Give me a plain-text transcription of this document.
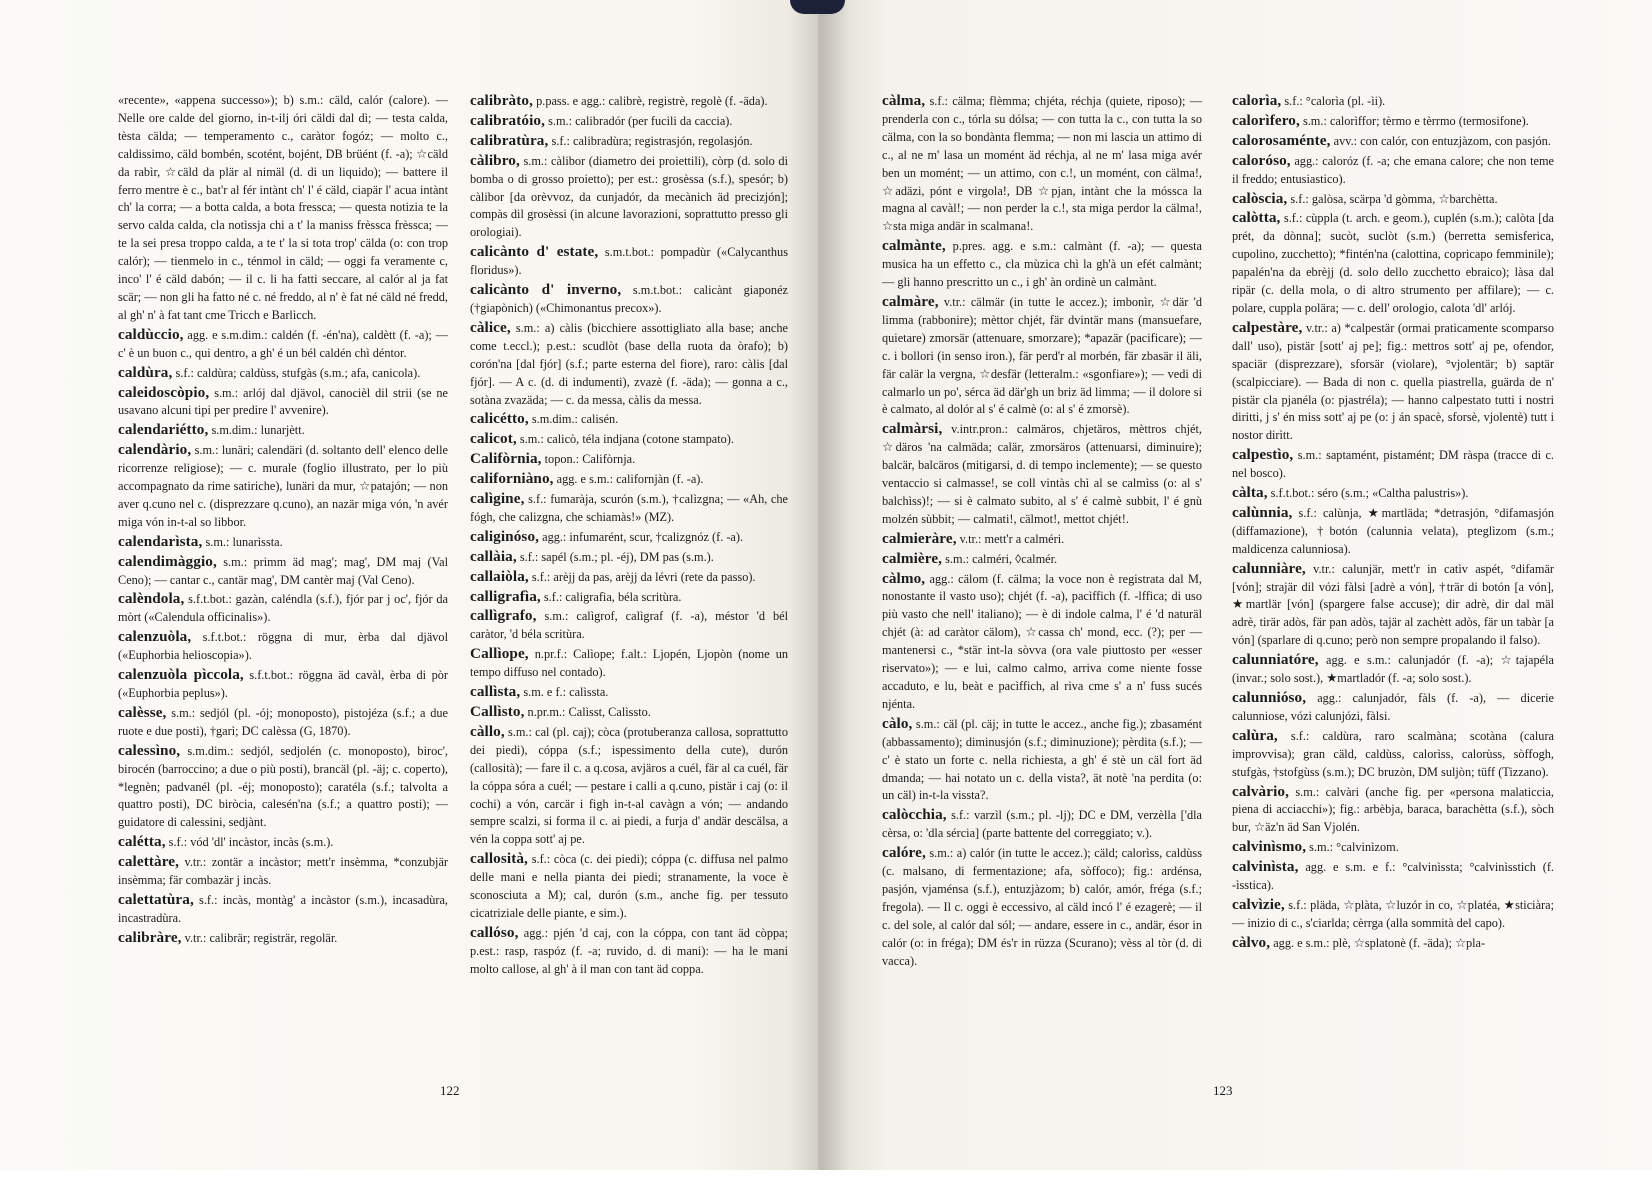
«recente», «appena successo»); b) s.m.: cäld, calór (calore). — Nelle ore calde del giorno, in-t-ilj óri cäldi dal dì; — testa calda, tèsta cälda; — temperamento c., caràtor fogóz; — molto c., caldissimo, cäld bombén, scotént, bojént, DB brüént (f. -a); ☆cäld da rabìr, ☆cäld da plär al nimäl (d. di un liquido); — battere il ferro mentre è c., bat'r al fér intànt ch' l' é cäld, ciapär l' acua intànt ch' la corra; — a botta calda, a bota fressca; — questa notizia te la servo calda calda, cla notìssja chi a t' la maniss frèssca frèssca; — te la sei presa troppo calda, a te t' la si tota trop' cälda (o: con trop calór); — tienmelo in c., ténmol in cäld; — oggi fa veramente c, inco' l' é cäld dabón; — il c. li ha fatti seccare, al calór al ja fat scär; — non gli ha fatto né c. né freddo, al n' è fat né cäld né fredd, al gh' n' à fat tant cme Tricch e Barlìcch.
caldùccio, agg. e s.m.dim.: caldén (f. -én'na), caldètt (f. -a); — c' è un buon c., qui dentro, a gh' é un bél caldén chì déntor.
caldùra, s.f.: caldùra; caldùss, stufgàs (s.m.; afa, canicola).
caleidoscòpio, s.m.: arlój dal djävol, canocièl dil strii (se ne usavano alcuni tipi per predire l' avvenire).
calendariétto, s.m.dim.: lunarjètt.
calendàrio, s.m.: lunäri; calendäri (d. soltanto dell' elenco delle ricorrenze religiose); — c. murale (foglio illustrato, per lo più accompagnato da rime satiriche), lunäri da mur, ☆patajón; — non aver q.cuno nel c. (disprezzare q.cuno), an nazär miga vón, 'n avér miga vón in-t-al so libbor.
calendarìsta, s.m.: lunarìssta.
calendimàggio, s.m.: primm äd mag'; mag', DM maj (Val Ceno); — cantar c., cantär mag', DM cantèr maj (Val Ceno).
calèndola, s.f.t.bot.: gazàn, caléndla (s.f.), fjór par j oc', fjór da mòrt («Calendula officinalis»).
calenzuòla, s.f.t.bot.: röggna di mur, èrba dal djävol («Euphorbia helioscopia»).
calenzuòla pìccola, s.f.t.bot.: röggna äd cavàl, èrba di pòr («Euphorbia peplus»).
calèsse, s.m.: sedjól (pl. -ój; monoposto), pistojéza (s.f.; a due ruote e due posti), †garì; DC calèssa (G, 1870).
calessìno, s.m.dim.: sedjól, sedjolén (c. monoposto), biroc', birocén (barroccino; a due o più posti), brancäl (pl. -äj; c. coperto), *legnèn; padvanél (pl. -éj; monoposto); caratéla (s.f.; talvolta a quattro posti), DC biròcia, calesén'na (s.f.; a quattro posti); — guidatore di calessini, sedjànt.
calétta, s.f.: vód 'dl' incàstor, incàs (s.m.).
calettàre, v.tr.: zontär a incàstor; mett'r insèmma, *conzubjär insèmma; fär combazär j incàs.
calettatùra, s.f.: incàs, montàg' a incàstor (s.m.), incasadùra, incastradùra.
calibràre, v.tr.: calibrär; registrär, regolär.
calibràto, p.pass. e agg.: calibrè, registrè, regolè (f. -äda).
calibratóio, s.m.: calibradór (per fucili da caccia).
calibratùra, s.f.: calibradùra; registrasjón, regolasjón.
càlibro, s.m.: càlibor (diametro dei proiettili), còrp (d. solo di bomba o di grosso proietto); per est.: grosèssa (s.f.), spesór; b) càlibor [da orèvvoz, da cunjadór, da mecànich äd precizjón]; compàs dil grosèssi (in alcune lavorazioni, soprattutto presso gli orologiai).
calicànto d' estate, s.m.t.bot.: pompadùr («Calycanthus floridus»).
calicànto d' inverno, s.m.t.bot.: calicànt giaponéz (†giapònich) («Chimonantus precox»).
càlice, s.m.: a) càlis (bicchiere assottigliato alla base; anche come t.eccl.); p.est.: scudlòt (base della ruota da òrafo); b) corón'na [dal fjór] (s.f.; parte esterna del fiore), raro: càlis [dal fjór]. — A c. (d. di indumenti), zvazè (f. -äda); — gonna a c., sotàna zvazäda; — c. da messa, càlis da messa.
calicétto, s.m.dim.: calisén.
calicot, s.m.: calicò, téla indjana (cotone stampato).
Califòrnia, topon.: Califòrnja.
californiàno, agg. e s.m.: californjàn (f. -a).
calìgine, s.f.: fumaràja, scurón (s.m.), †calìzgna; — «Ah, che fógh, che calizgna, che schiamàs!» (MZ).
caliginóso, agg.: infumarént, scur, †calizgnóz (f. -a).
callàia, s.f.: sapél (s.m.; pl. -éj), DM pas (s.m.).
callaiòla, s.f.: arèjj da pas, arèjj da lévri (rete da passo).
calligrafìa, s.f.: caligrafìa, béla scritùra.
callìgrafo, s.m.: calìgrof, calìgraf (f. -a), méstor 'd bél caràtor, 'd béla scritùra.
Callìope, n.pr.f.: Calìope; f.alt.: Ljopén, Ljopòn (nome un tempo diffuso nel contado).
callìsta, s.m. e f.: calìssta.
Callìsto, n.pr.m.: Calìsst, Calìssto.
càllo, s.m.: cal (pl. caj); còca (protuberanza callosa, soprattutto dei piedi), cóppa (s.f.; ispessimento della cute), durón (callosità); — fare il c. a q.cosa, avjäros a cuél, fär al ca cuél, fär la cóppa sóra a cuél; — pestare i calli a q.cuno, pistär i caj (o: il cochi) a vón, carcär i figh in-t-al cavàgn a vón; — andando sempre scalzi, si forma il c. ai piedi, a furja d' andär descälsa, a vén la coppa sott' aj pe.
callosità, s.f.: còca (c. dei piedi); cóppa (c. diffusa nel palmo delle mani e nella pianta dei piedi; stranamente, la voce è sconosciuta a M); cal, durón (s.m., anche fig. per tessuto cicatriziale delle piante, e sim.).
callóso, agg.: pjén 'd caj, con la cóppa, con tant äd còppa; p.est.: rasp, raspóz (f. -a; ruvido, d. di mani): — ha le mani molto callose, al gh' à il man con tant äd coppa.
càlma, s.f.: cälma; flèmma; chjéta, réchja (quiete, riposo); — prenderla con c., tórla su dólsa; — con tutta la c., con tutta la so cälma, con la so bondànta flemma; — non mi lascia un attimo di c., al ne m' lasa un momént äd réchja, al ne m' lasa miga avér ben un momént; — un attimo, con c.!, un momént, con cälma!, ☆adäzi, pónt e virgola!, DB ☆pjan, intànt che la móssca la magna al cavàl!; — non perder la c.!, sta miga perdor la cälma!, ☆sta miga andär in scalmana!.
calmànte, p.pres. agg. e s.m.: calmànt (f. -a); — questa musica ha un effetto c., cla mùzica chì la gh'à un efét calmànt; — gli hanno prescritto un c., i gh' àn ordinè un calmànt.
calmàre, v.tr.: cälmär (in tutte le accez.); imbonìr, ☆där 'd limma (rabbonire); mèttor chjét, fär dvintär mans (mansuefare, quietare) zmorsär (attenuare, smorzare); *apazär (pacificare); — c. i bollori (in senso iron.), fär perd'r al morbén, fär zbasär il äli, fär calär la vergna, ☆desfär (letteralm.: «sgonfiare»); — vedi di calmarlo un po', sérca äd där'gh un briz äd limma; — il dolore si è calmato, al dolór al s' é calmè (o: al s' é zmorsè).
calmàrsi, v.intr.pron.: calmäros, chjetäros, mèttros chjét, ☆däros 'na calmäda; calär, zmorsäros (attenuarsi, diminuire); balcär, balcäros (mitigarsi, d. di tempo inclemente); — se questo ventaccio si calmasse!, se coll vintàs chì al se calmìss (o: al s' balchìss)!; — si è calmato subito, al s' é calmè subbit, l' é gnù molzén sùbbit; — calmati!, cälmot!, mettot chjét!.
calmieràre, v.tr.: mett'r a calméri.
calmière, s.m.: calméri, ◊calmér.
càlmo, agg.: cälom (f. cälma; la voce non è registrata dal M, nonostante il vasto uso); chjét (f. -a), pacìffich (f. -lffica; di uso più vasto che nell' italiano); — è di indole calma, l' é 'd naturäl chjét (à: ad caràtor cälom), ☆cassa ch' mond, ecc. (?); per — mantenersi c., *stär int-la sòvva (ora vale piuttosto per «esser riservato»); — e lui, calmo calmo, arriva come niente fosse accaduto, e lu, beàt e pacìffich, al riva cme s' a n' fuss sucés njénta.
càlo, s.m.: cäl (pl. cäj; in tutte le accez., anche fig.); zbasamént (abbassamento); diminusjón (s.f.; diminuzione); pèrdita (s.f.); — c' è stato un forte c. nella richiesta, a gh' é stè un cäl fort äd dmanda; — hai notato un c. della vista?, ät notè 'na perdita (o: un cäl) in-t-la vissta?.
calòcchia, s.f.: varzìl (s.m.; pl. -lj); DC e DM, verzèlla ['dla cèrsa, o: 'dla sércia] (parte battente del correggiato; v.).
calóre, s.m.: a) calór (in tutte le accez.); cäld; calorìss, caldùss (c. malsano, di fermentazione; afa, sòffoco); fig.: ardénsa, pasjón, vjaménsa (s.f.), entuzjàzom; b) calór, amór, fréga (s.f.; fregola). — Il c. oggi è eccessivo, al cäld incó l' é ezagerè; — il c. del sole, al calór dal sól; — andare, essere in c., andär, ésor in calór (o: in fréga); DM és'r in rüzza (Scurano); vèss al tòr (d. di vacca).
calorìa, s.f.: °calorìa (pl. -ìi).
calorìfero, s.m.: calorìffor; tèrmo e tèrrmo (termosifone).
calorosaménte, avv.: con calór, con entuzjàzom, con pasjón.
caloróso, agg.: caloróz (f. -a; che emana calore; che non teme il freddo; entusiastico).
calòscia, s.f.: galòsa, scärpa 'd gòmma, ☆barchètta.
calòtta, s.f.: cùppla (t. arch. e geom.), cuplén (s.m.); calòta [da prét, da dònna]; sucòt, suclòt (s.m.) (berretta semisferica, cupolino, zucchetto); *fintén'na (calottina, copricapo femminile); papalén'na da ebrèjj (d. solo dello zucchetto ebraico); làsa dal ripär (c. della mola, o di altro strumento per affilare); — c. polare, cuppla polära; — c. dell' orologio, calota 'dl' arlój.
calpestàre, v.tr.: a) *calpestär (ormai praticamente scomparso dall' uso), pistär [sott' aj pe]; fig.: mettros sott' aj pe, ofendor, spaciär (disprezzare), sforsär (violare), °vjolentär; b) saptär (scalpicciare). — Bada di non c. quella piastrella, guärda de n' pistär cla pjanéla (o: pjastréla); — hanno calpestato tutti i nostri diritti, j s' én miss sott' aj pe (o: j án spacè, sforsè, vjolentè) tutt i nostor dirìtt.
calpestìo, s.m.: saptamént, pistamént; DM ràspa (tracce di c. nel bosco).
càlta, s.f.t.bot.: séro (s.m.; «Caltha palustris»).
calùnnia, s.f.: calùnja, ★martläda; *detrasjón, °difamasjón (diffamazione), †botón (calunnia velata), pteglìzom (s.m.; maldicenza calunniosa).
calunniàre, v.tr.: calunjär, mett'r in catìv aspét, °difamär [vón]; strajär dil vózi fàlsi [adrè a vón], †trär di botón [a vón], ★martlär [vón] (spargere false accuse); dir adrè, dir dal mäl adrè, tirär adòs, fär pan adòs, tajär al zachètt adòs, fär un tabàr [a vón] (sparlare di q.cuno; però non sempre propalando il falso).
calunniatóre, agg. e s.m.: calunjadór (f. -a); ☆tajapéla (invar.; solo sost.), ★martladór (f. -a; solo sost.).
calunnióso, agg.: calunjadór, fàls (f. -a), — dicerie calunniose, vózi calunjózi, fàlsi.
calùra, s.f.: caldùra, raro scalmàna; scotàna (calura improvvisa); gran cäld, caldùss, calorìss, calorùss, sòffogh, stufgàs, †stofgùss (s.m.); DC bruzòn, DM suljòn; tüff (Tizzano).
calvàrio, s.m.: calvàri (anche fig. per «persona malaticcia, piena di acciacchi»); fig.: arbèbja, baraca, barachètta (s.f.), sòch bur, ☆äz'n äd San Vjolén.
calvinìsmo, s.m.: °calvinìzom.
calvinìsta, agg. e s.m. e f.: °calvinìssta; °calvinìsstich (f. -ìsstica).
calvìzie, s.f.: pläda, ☆plàta, ☆luzór in co, ☆platéa, ★sticiàra; — inizio di c., s'ciarlda; cèrrga (alla sommità del capo).
càlvo, agg. e s.m.: plè, ☆splatonè (f. -äda); ☆pla-
122	123
